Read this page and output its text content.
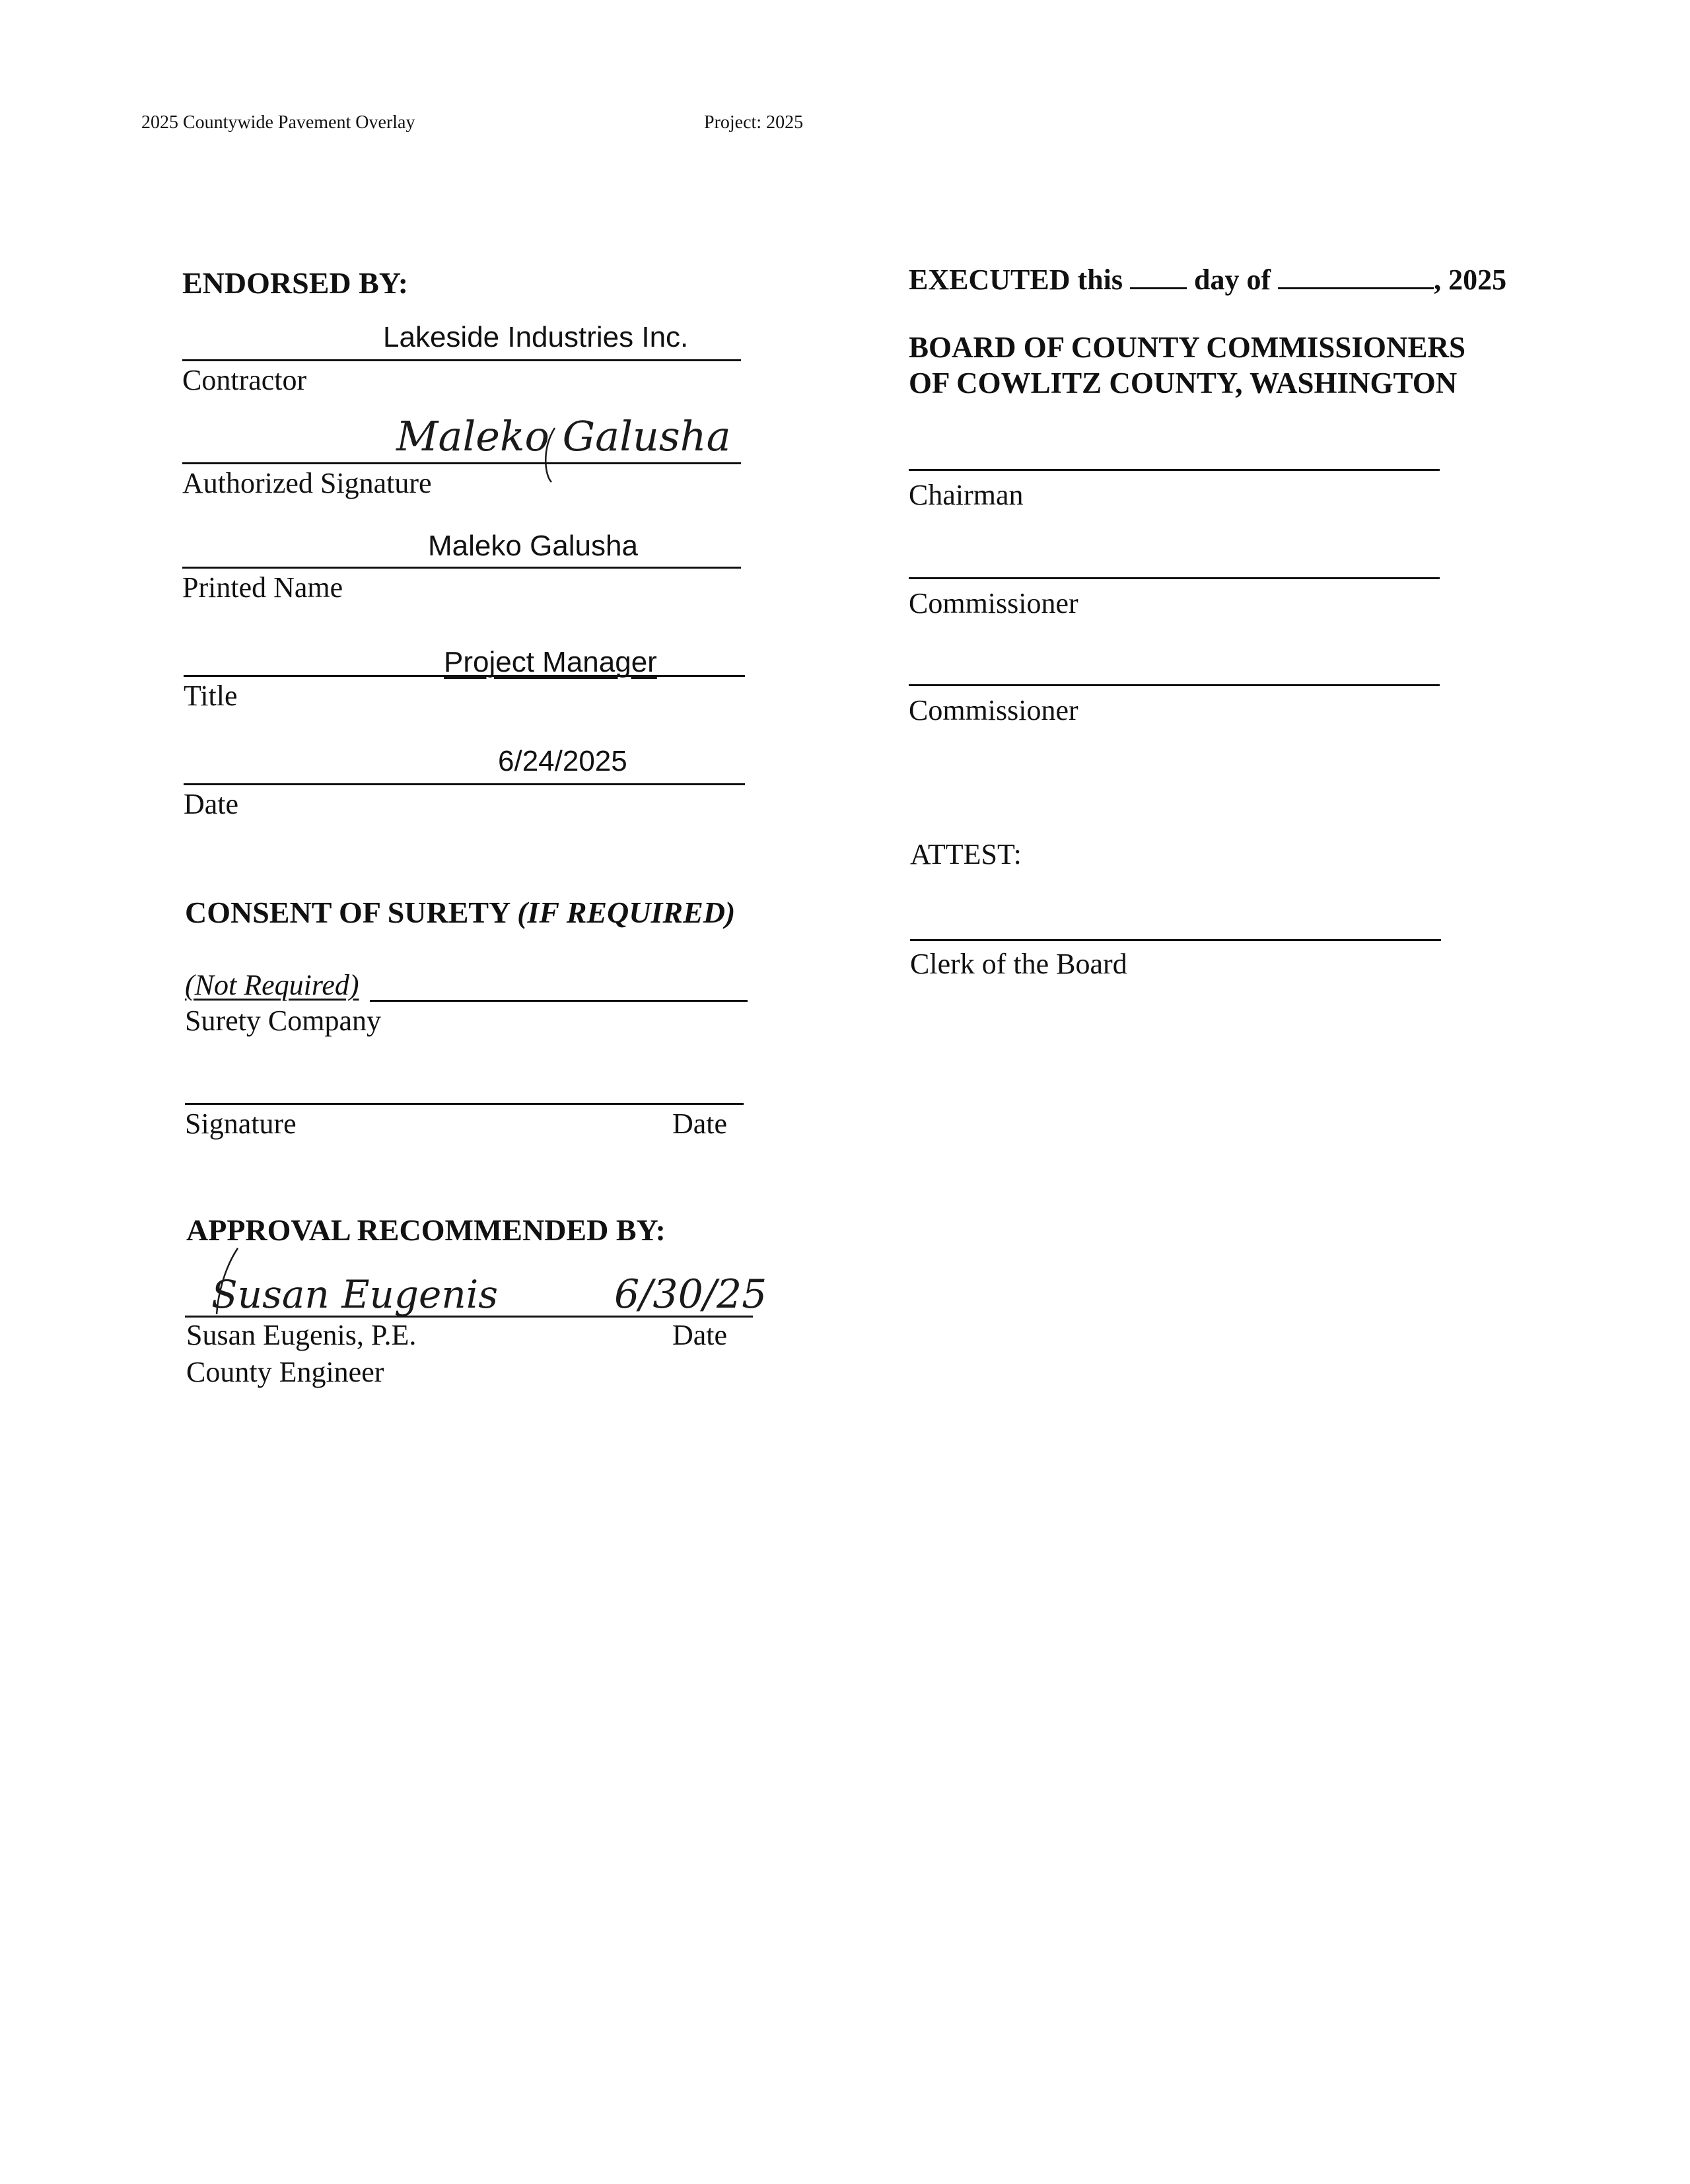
2025 Countywide Pavement Overlay	Project: 2025
ENDORSED BY:
Lakeside Industries Inc.
Contractor
Maleko Galusha
Authorized Signature
Maleko Galusha
Printed Name
Project Manager
Title
6/24/2025
Date
CONSENT OF SURETY (IF REQUIRED)
(Not Required)
Surety Company
Signature	Date
APPROVAL RECOMMENDED BY:
Susan Eugenis	6/30/25
Susan Eugenis, P.E.	Date
County Engineer
EXECUTED this day of	, 2025
BOARD OF COUNTY COMMISSIONERS
OF COWLITZ COUNTY, WASHINGTON
Chairman
Commissioner
Commissioner
ATTEST:
Clerk of the Board
